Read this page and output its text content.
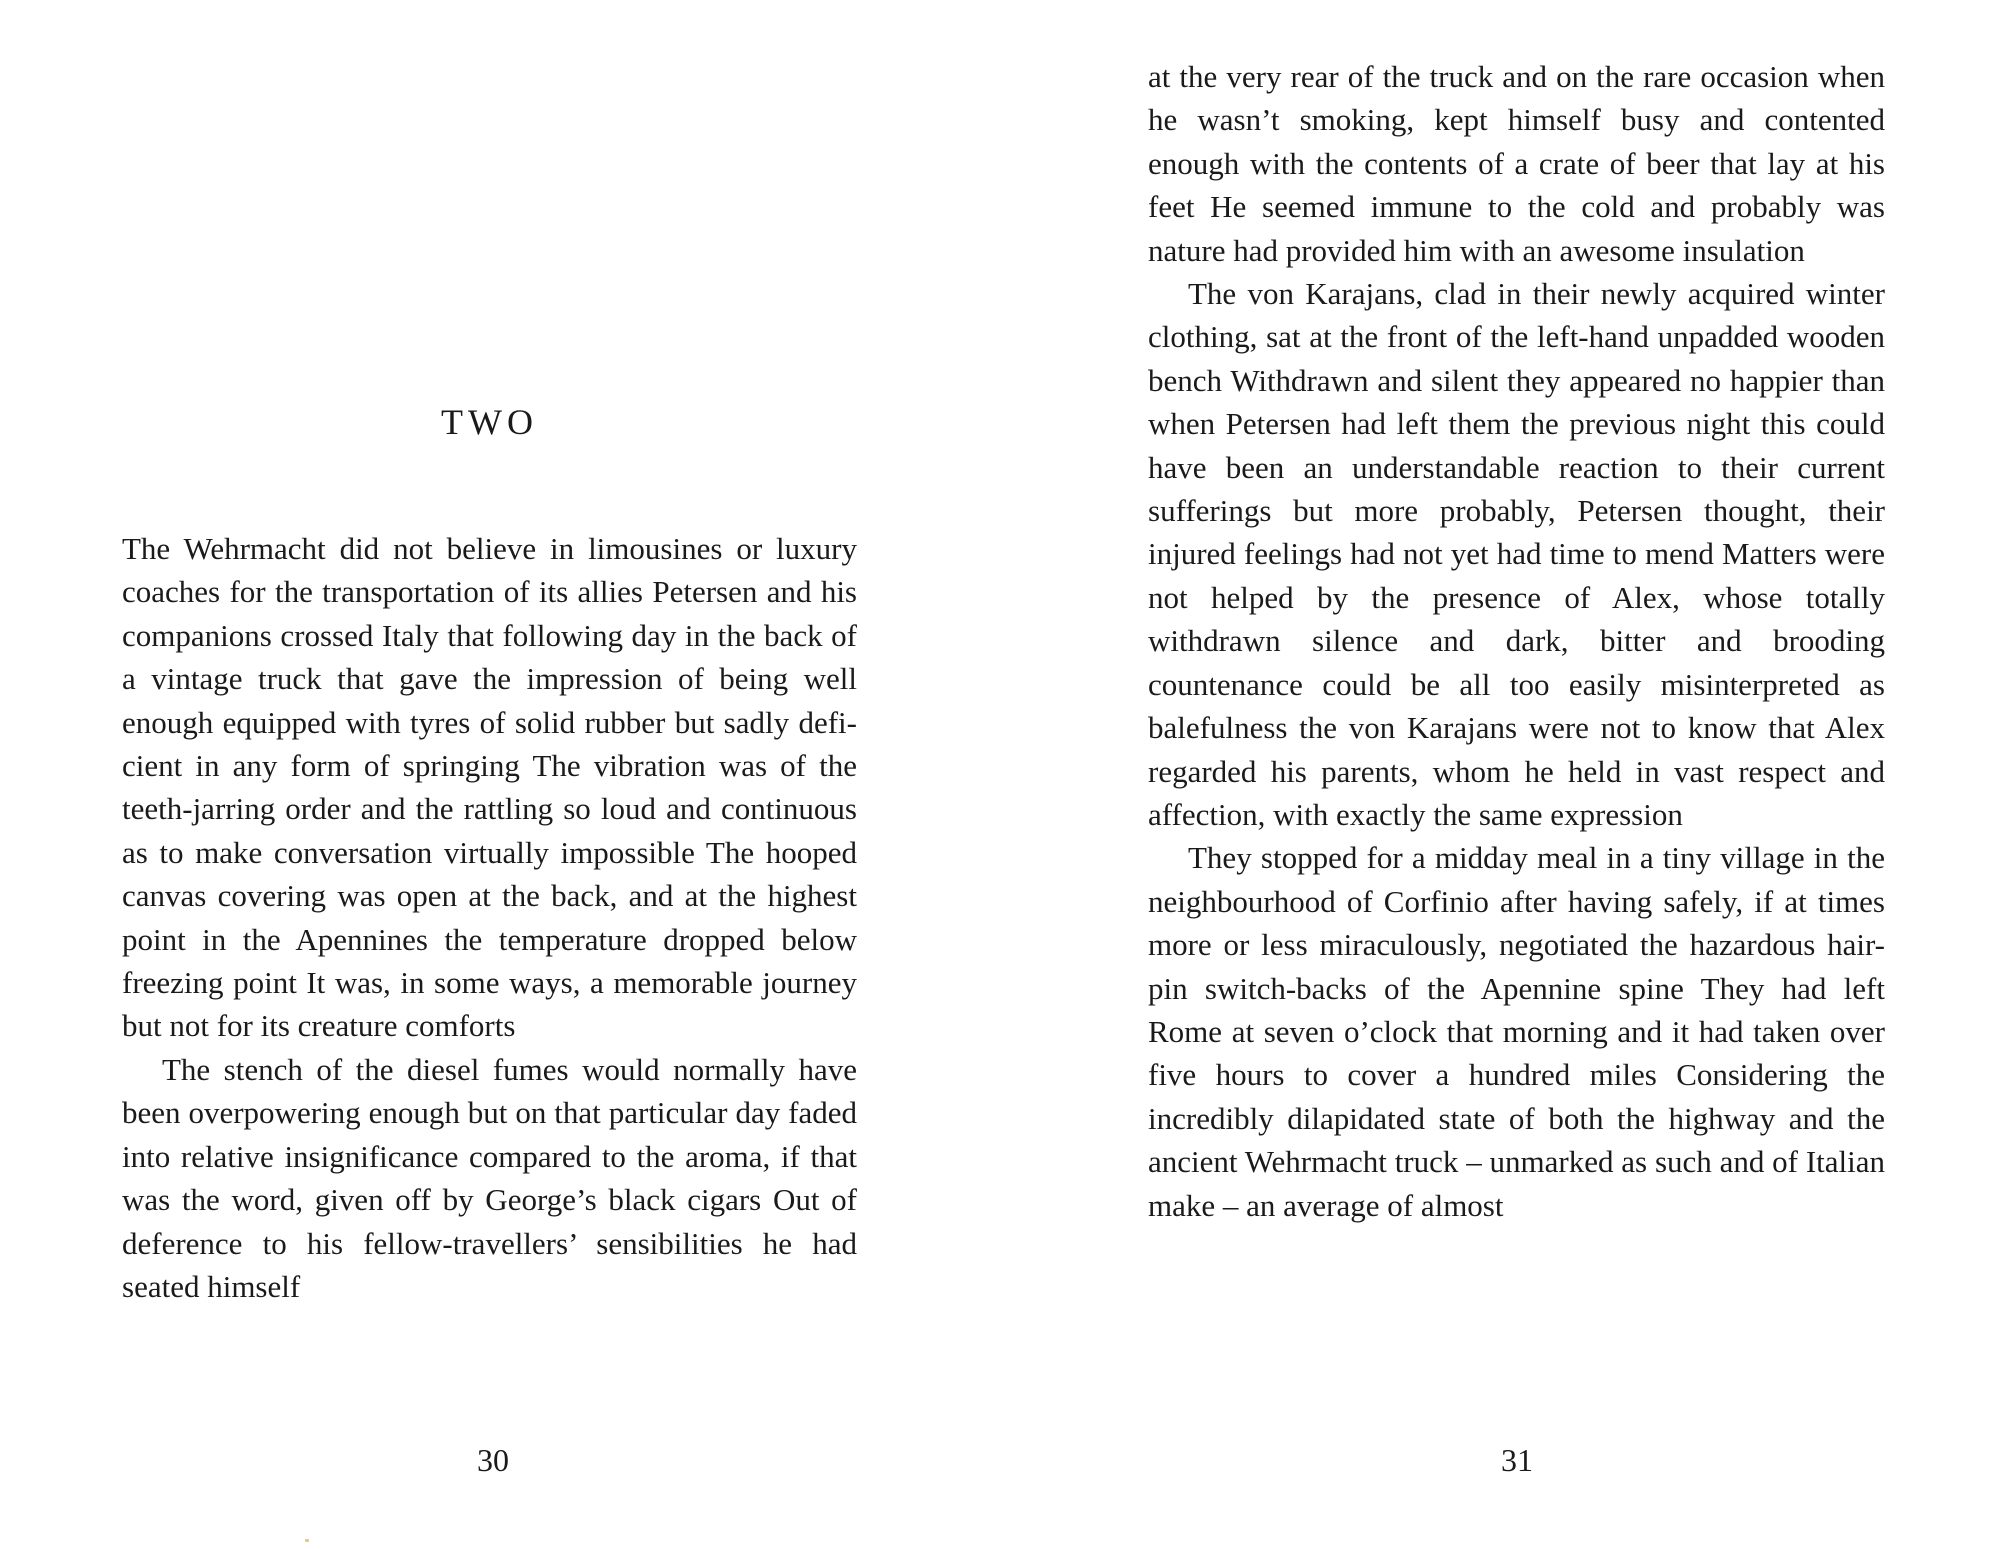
TWO

The Wehrmacht did not believe in limousines or luxury coaches for the transportation of its allies Petersen and his companions crossed Italy that following day in the back of a vintage truck that gave the impression of being well enough equipped with tyres of solid rubber but sadly deficient in any form of springing The vibration was of the teeth-jarring order and the rattling so loud and continuous as to make conversation virtually impossible The hooped canvas covering was open at the back, and at the highest point in the Apennines the temperature dropped below freezing point It was, in some ways, a memorable journey but not for its creature comforts

The stench of the diesel fumes would normally have been overpowering enough but on that particular day faded into relative insignificance compared to the aroma, if that was the word, given off by George’s black cigars Out of deference to his fellow-travellers’ sensibilities he had seated himself

30

at the very rear of the truck and on the rare occasion when he wasn’t smoking, kept himself busy and contented enough with the contents of a crate of beer that lay at his feet He seemed immune to the cold and probably was nature had provided him with an awesome insulation

The von Karajans, clad in their newly acquired winter clothing, sat at the front of the left-hand unpadded wooden bench Withdrawn and silent they appeared no happier than when Petersen had left them the previous night this could have been an understandable reaction to their current sufferings but more probably, Petersen thought, their injured feelings had not yet had time to mend Matters were not helped by the presence of Alex, whose totally withdrawn silence and dark, bitter and brooding countenance could be all too easily misinterpreted as balefulness the von Karajans were not to know that Alex regarded his parents, whom he held in vast respect and affection, with exactly the same expression

They stopped for a midday meal in a tiny village in the neighbourhood of Corfinio after having safely, if at times more or less miraculously, negotiated the hazardous hair-pin switch-backs of the Apennine spine They had left Rome at seven o’clock that morning and it had taken over five hours to cover a hundred miles Considering the incredibly dilapidated state of both the highway and the ancient Wehrmacht truck – unmarked as such and of Italian make – an average of almost

31
